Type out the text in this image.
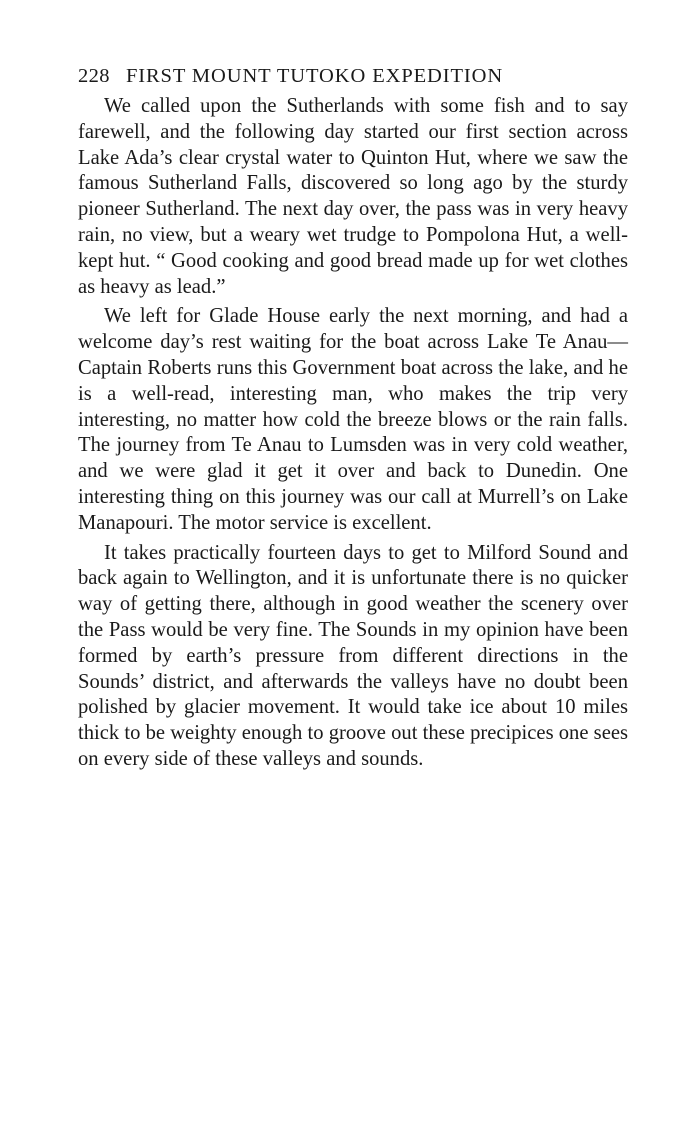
228 FIRST MOUNT TUTOKO EXPEDITION

We called upon the Sutherlands with some fish and to say farewell, and the following day started our first section across Lake Ada’s clear crystal water to Quinton Hut, where we saw the famous Sutherland Falls, discovered so long ago by the sturdy pioneer Sutherland. The next day over, the pass was in very heavy rain, no view, but a weary wet trudge to Pompolona Hut, a well-kept hut. “ Good cooking and good bread made up for wet clothes as heavy as lead.”

We left for Glade House early the next morning, and had a welcome day’s rest waiting for the boat across Lake Te Anau—Captain Roberts runs this Government boat across the lake, and he is a well-read, interesting man, who makes the trip very interesting, no matter how cold the breeze blows or the rain falls. The journey from Te Anau to Lumsden was in very cold weather, and we were glad it get it over and back to Dunedin. One interesting thing on this journey was our call at Murrell’s on Lake Manapouri. The motor service is excellent.

It takes practically fourteen days to get to Milford Sound and back again to Wellington, and it is unfortunate there is no quicker way of getting there, although in good weather the scenery over the Pass would be very fine. The Sounds in my opinion have been formed by earth’s pressure from different directions in the Sounds’ district, and afterwards the valleys have no doubt been polished by glacier movement. It would take ice about 10 miles thick to be weighty enough to groove out these precipices one sees on every side of these valleys and sounds.
